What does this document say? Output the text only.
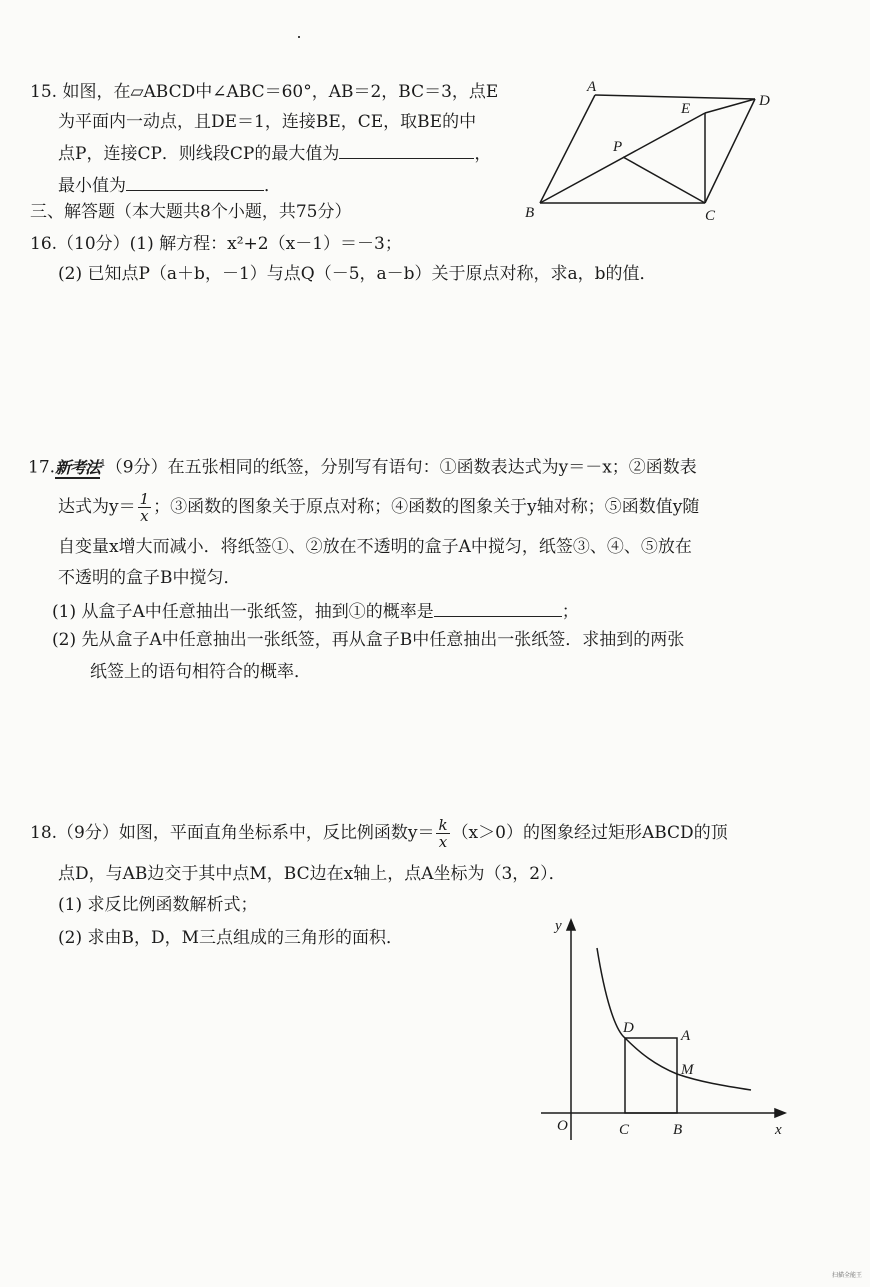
15. 如图，在▱ABCD中∠ABC＝60°，AB＝2，BC＝3，点E
为平面内一动点，且DE＝1，连接BE，CE，取BE的中
点P，连接CP．则线段CP的最大值为	，
最小值为	．
A
D
E
P
B	C
三、解答题（本大题共8个小题，共75分）
16.（10分）(1) 解方程：x²+2（x－1）＝－3；
(2) 已知点P（a＋b，－1）与点Q（－5，a－b）关于原点对称，求a，b的值．
17.新考法$^1$（9分）在五张相同的纸签，分别写有语句：①函数表达式为y＝－x；②函数表
达式为$y= \frac{1}{x}$ ；③函数的图象关于原点对称；④函数的图象关于y轴对称；⑤函数值y随
自变量x增大而减小．将纸签①、②放在不透明的盒子A中搅匀，纸签③、④、⑤放在
不透明的盒子B中搅匀．
(1) 从盒子A中任意抽出一张纸签，抽到①的概率是	；
(2) 先从盒子A中任意抽出一张纸签，再从盒子B中任意抽出一张纸签．求抽到的两张
纸签上的语句相符合的概率．
18.（9分）如图，平面直角坐标系中，反比例函数$y= \frac{k}{x} (x>0)$的图象经过矩形ABCD的顶
点D，与AB边交于其中点M，BC边在x轴上，点A坐标为（3，2）．
(1) 求反比例函数解析式；
(2) 求由B，D，M三点组成的三角形的面积．
y
x
O	C	B
D	A
M
扫描全能王
